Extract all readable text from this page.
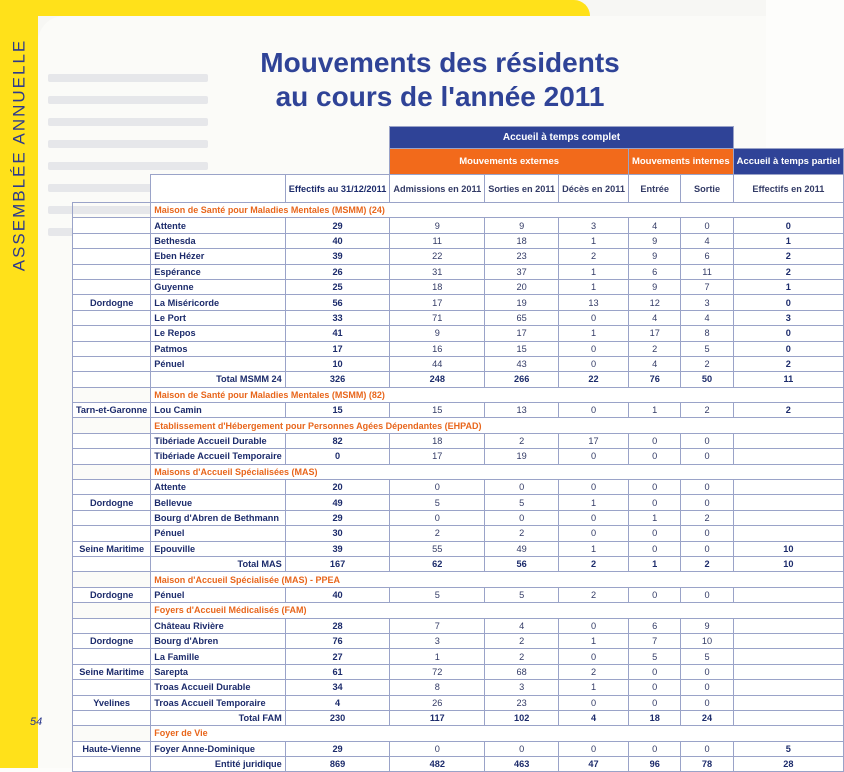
ASSEMBLÉE ANNUELLE	Mouvements des résidents
au cours de l'année 2011
			Accueil à temps complet					
			Mouvements externes			Mouvements internes		Accueil à temps partiel
		Effectifs au 31/12/2011	Admissions en 2011	Sorties en 2011	Décès en 2011	Entrée	Sortie	Effectifs en 2011
	Maison de Santé pour Maladies Mentales (MSMM) (24)							
	Attente	29	9	9	3	4	0	0
	Bethesda	40	11	18	1	9	4	1
	Eben Hézer	39	22	23	2	9	6	2
	Espérance	26	31	37	1	6	11	2
	Guyenne	25	18	20	1	9	7	1
Dordogne	La Miséricorde	56	17	19	13	12	3	0
	Le Port	33	71	65	0	4	4	3
	Le Repos	41	9	17	1	17	8	0
	Patmos	17	16	15	0	2	5	0
	Pénuel	10	44	43	0	4	2	2
	Total MSMM 24	326	248	266	22	76	50	11
	Maison de Santé pour Maladies Mentales (MSMM) (82)							
Tarn-et-Garonne	Lou Camin	15	15	13	0	1	2	2
	Etablissement d'Hébergement pour Personnes Agées Dépendantes (EHPAD)							
	Tibériade Accueil Durable	82	18	2	17	0	0	
	Tibériade Accueil Temporaire	0	17	19	0	0	0	
	Maisons d'Accueil Spécialisées (MAS)							
	Attente	20	0	0	0	0	0	
Dordogne	Bellevue	49	5	5	1	0	0	
	Bourg d'Abren de Bethmann	29	0	0	0	1	2	
	Pénuel	30	2	2	0	0	0	
Seine Maritime	Epouville	39	55	49	1	0	0	10
	Total MAS	167	62	56	2	1	2	10
	Maison d'Accueil Spécialisée (MAS) - PPEA							
Dordogne	Pénuel	40	5	5	2	0	0	
	Foyers d'Accueil Médicalisés (FAM)							
	Château Rivière	28	7	4	0	6	9	
Dordogne	Bourg d'Abren	76	3	2	1	7	10	
	La Famille	27	1	2	0	5	5	
Seine Maritime	Sarepta	61	72	68	2	0	0	
	Troas Accueil Durable	34	8	3	1	0	0	
Yvelines	Troas Accueil Temporaire	4	26	23	0	0	0	
	Total FAM	230	117	102	4	18	24	
	Foyer de Vie							
Haute-Vienne	Foyer Anne-Dominique	29	0	0	0	0	0	5
	Entité juridique	869	482	463	47	96	78	28
54
